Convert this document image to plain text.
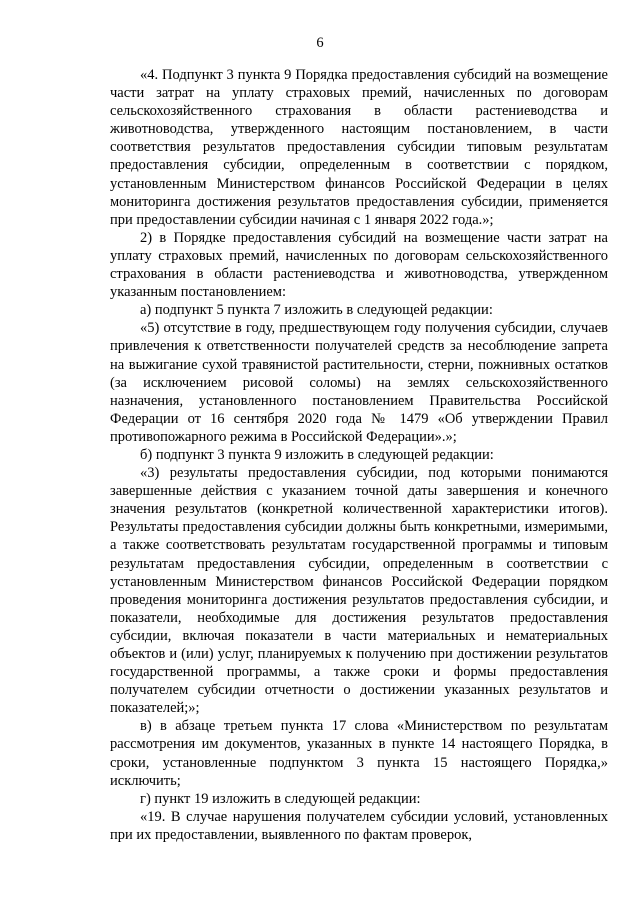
6

«4. Подпункт 3 пункта 9 Порядка предоставления субсидий на возмещение части затрат на уплату страховых премий, начисленных по договорам сельскохозяйственного страхования в области растениеводства и животноводства, утвержденного настоящим постановлением, в части соответствия результатов предоставления субсидии типовым результатам предоставления субсидии, определенным в соответствии с порядком, установленным Министерством финансов Российской Федерации в целях мониторинга достижения результатов предоставления субсидии, применяется при предоставлении субсидии начиная с 1 января 2022 года.»;

2) в Порядке предоставления субсидий на возмещение части затрат на уплату страховых премий, начисленных по договорам сельскохозяйственного страхования в области растениеводства и животноводства, утвержденном указанным постановлением:

а) подпункт 5 пункта 7 изложить в следующей редакции:

«5) отсутствие в году, предшествующем году получения субсидии, случаев привлечения к ответственности получателей средств за несоблюдение запрета на выжигание сухой травянистой растительности, стерни, пожнивных остатков (за исключением рисовой соломы) на землях сельскохозяйственного назначения, установленного постановлением Правительства Российской Федерации от 16 сентября 2020 года № 1479 «Об утверждении Правил противопожарного режима в Российской Федерации».»;

б) подпункт 3 пункта 9 изложить в следующей редакции:

«3) результаты предоставления субсидии, под которыми понимаются завершенные действия с указанием точной даты завершения и конечного значения результатов (конкретной количественной характеристики итогов). Результаты предоставления субсидии должны быть конкретными, измеримыми, а также соответствовать результатам государственной программы и типовым результатам предоставления субсидии, определенным в соответствии с установленным Министерством финансов Российской Федерации порядком проведения мониторинга достижения результатов предоставления субсидии, и показатели, необходимые для достижения результатов предоставления субсидии, включая показатели в части материальных и нематериальных объектов и (или) услуг, планируемых к получению при достижении результатов государственной программы, а также сроки и формы предоставления получателем субсидии отчетности о достижении указанных результатов и показателей;»;

в) в абзаце третьем пункта 17 слова «Министерством по результатам рассмотрения им документов, указанных в пункте 14 настоящего Порядка, в сроки, установленные подпунктом 3 пункта 15 настоящего Порядка,» исключить;

г) пункт 19 изложить в следующей редакции:

«19. В случае нарушения получателем субсидии условий, установленных при их предоставлении, выявленного по фактам проверок,
